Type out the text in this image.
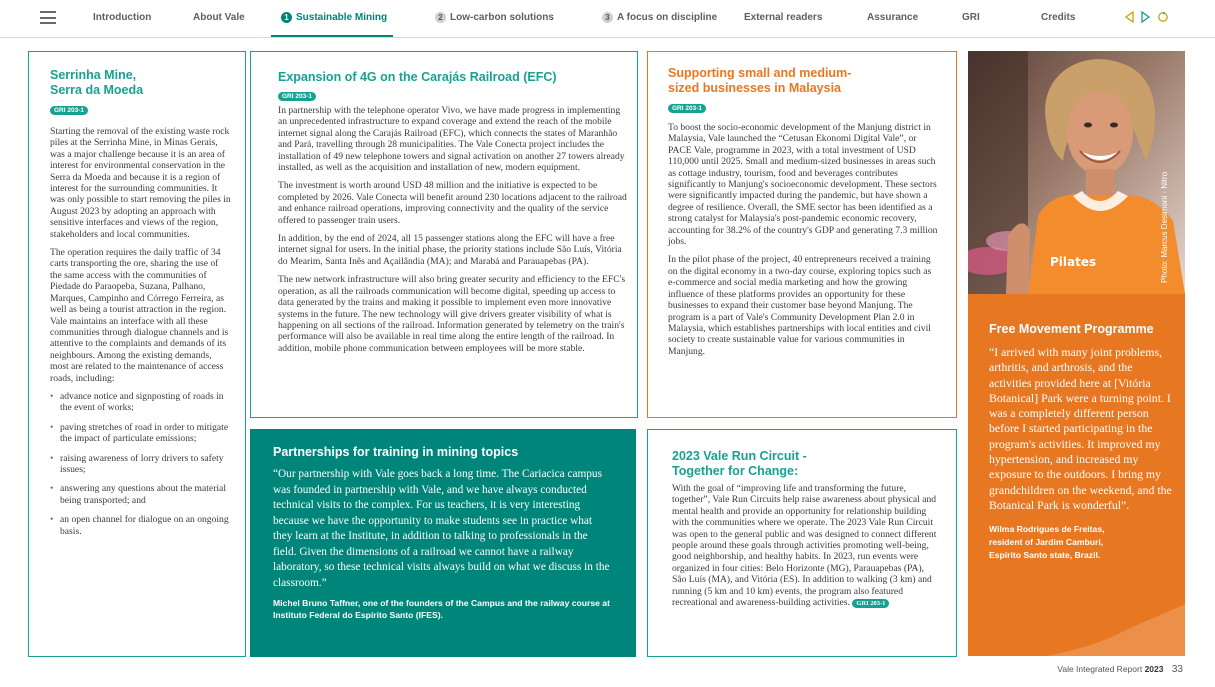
Introduction	About Vale	1 Sustainable Mining	2 Low-carbon solutions	3 A focus on discipline	External readers	Assurance	GRI	Credits
Serrinha Mine,
Serra da Moeda
GRI 203-1

Starting the removal of the existing waste rock piles at the Serrinha Mine, in Minas Gerais, was a major challenge because it is an area of interest for environmental conservation in the Serra da Moeda and because it is a region of interest for the surrounding communities. It was only possible to start removing the piles in August 2023 by adopting an approach with sensitive interfaces and views of the region, stakeholders and local communities.

The operation requires the daily traffic of 34 carts transporting the ore, sharing the use of the same access with the communities of Piedade do Paraopeba, Suzana, Palhano, Marques, Campinho and Córrego Ferreira, as well as being a tourist attraction in the region. Vale maintains an interface with all these communities through dialogue channels and is attentive to the complaints and demands of its neighbours. Among the existing demands, most are related to the maintenance of access roads, including:

• advance notice and signposting of roads in the event of works;
• paving stretches of road in order to mitigate the impact of particulate emissions;
• raising awareness of lorry drivers to safety issues;
• answering any questions about the material being transported; and
• an open channel for dialogue on an ongoing basis.
Expansion of 4G on the Carajás Railroad (EFC)
GRI 203-1

In partnership with the telephone operator Vivo, we have made progress in implementing an unprecedented infrastructure to expand coverage and extend the reach of the mobile internet signal along the Carajás Railroad (EFC), which connects the states of Maranhão and Pará, travelling through 28 municipalities. The Vale Conecta project includes the installation of 49 new telephone towers and signal activation on another 27 towers already installed, as well as the acquisition and installation of new, modern equipment.

The investment is worth around USD 48 million and the initiative is expected to be completed by 2026. Vale Conecta will benefit around 230 locations adjacent to the railroad and enhance railroad operations, improving connectivity and the quality of the service offered to passenger train users.

In addition, by the end of 2024, all 15 passenger stations along the EFC will have a free internet signal for users. In the initial phase, the priority stations include São Luís, Vitória do Mearim, Santa Inês and Açailândia (MA); and Marabá and Parauapebas (PA).

The new network infrastructure will also bring greater security and efficiency to the EFC's operation, as all the railroads communication will become digital, speeding up access to data generated by the trains and making it possible to implement even more innovative systems in the future. The new technology will give drivers greater visibility of what is happening on all sections of the railroad. Information generated by telemetry on the train's performance will also be available in real time along the entire length of the railroad. In addition, mobile phone communication between employees will be more stable.

Partnerships for training in mining topics

“Our partnership with Vale goes back a long time. The Cariacica campus was founded in partnership with Vale, and we have always conducted technical visits to the complex. For us teachers, it is very interesting because we have the opportunity to make students see in practice what they learn at the Institute, in addition to talking to professionals in the field. Given the dimensions of a railroad we cannot have a railway laboratory, so these technical visits always build on what we discuss in the classroom.”

Michel Bruno Taffner, one of the founders of the Campus and the railway course at Instituto Federal do Espírito Santo (IFES).
Supporting small and medium-
sized businesses in Malaysia
GRI 203-1

To boost the socio-economic development of the Manjung district in Malaysia, Vale launched the “Cetusan Ekonomi Digital Vale”, or PACE Vale, programme in 2023, with a total investment of USD 110,000 until 2025. Small and medium-sized businesses in areas such as cottage industry, tourism, food and beverages contributes significantly to Manjung's socioeconomic development. These sectors were significantly impacted during the pandemic, but have shown a degree of resilience. Overall, the SME sector has been identified as a strong catalyst for Malaysia's post-pandemic economic recovery, accounting for 38.2% of the country's GDP and generating 7.3 million jobs.

In the pilot phase of the project, 40 entrepreneurs received a training on the digital economy in a two-day course, exploring topics such as e-commerce and social media marketing and how the growing influence of these platforms provides an opportunity for these businesses to expand their customer base beyond Manjung. The program is a part of Vale's Community Development Plan 2.0 in Malaysia, which establishes partnerships with local entities and civil society to create sustainable value for various communities in Manjung.

2023 Vale Run Circuit -
Together for Change:

With the goal of “improving life and transforming the future, together”, Vale Run Circuits help raise awareness about physical and mental health and provide an opportunity for relationship building with the communities where we operate. The 2023 Vale Run Circuit was open to the general public and was designed to connect different people around these goals through activities promoting well-being, good neighborship, and healthy habits. In 2023, run events were organized in four cities: Belo Horizonte (MG), Parauapebas (PA), São Luís (MA), and Vitória (ES). In addition to walking (3 km) and running (5 km and 10 km) events, the program also featured recreational and awareness-building activities. GRI 203-1

Pilates	Photo: Marcus Desimoni - Nitro
Free Movement Programme

“I arrived with many joint problems, arthritis, and arthrosis, and the activities provided here at [Vitória Botanical] Park were a turning point. I was a completely different person before I started participating in the program's activities. It improved my hypertension, and increased my exposure to the outdoors. I bring my grandchildren on the weekend, and the Botanical Park is wonderful”.

Wilma Rodrigues de Freitas, resident of Jardim Camburi, Espírito Santo state, Brazil.
Vale Integrated Report 2023 33
